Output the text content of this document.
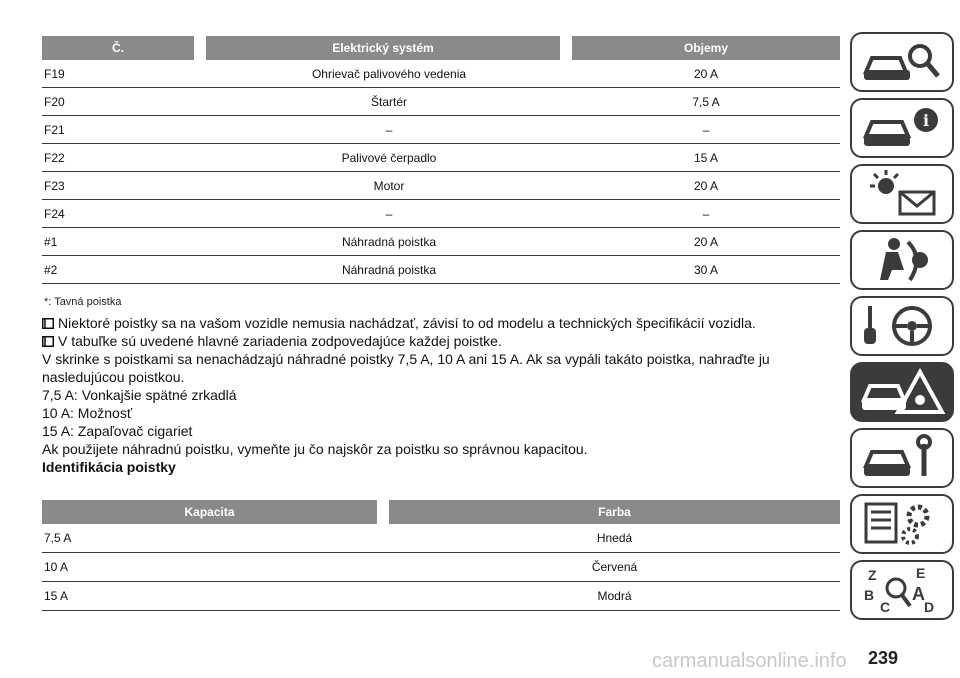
Č.	Elektrický systém	Objemy
F19	Ohrievač palivového vedenia	20 A
F20	Štartér	7,5 A
F21	–	–
F22	Palivové čerpadlo	15 A
F23	Motor	20 A
F24	–	–
#1	Náhradná poistka	20 A
#2	Náhradná poistka	30 A
*: Tavná poistka

Niektoré poistky sa na vašom vozidle nemusia nachádzať, závisí to od modelu a technických špecifikácií vozidla.

V tabuľke sú uvedené hlavné zariadenia zodpovedajúce každej poistke.

V skrinke s poistkami sa nenachádzajú náhradné poistky 7,5 A, 10 A ani 15 A. Ak sa vypáli takáto poistka, nahraďte ju nasledujúcou poistkou.

7,5 A: Vonkajšie spätné zrkadlá

10 A: Možnosť

15 A: Zapaľovač cigariet

Ak použijete náhradnú poistku, vymeňte ju čo najskôr za poistku so správnou kapacitou.

Identifikácia poistky

Kapacita	Farba
7,5 A	Hnedá
10 A	Červená
15 A	Modrá
i
Z	E
B
C
A
D
carmanualsonline.info 239
